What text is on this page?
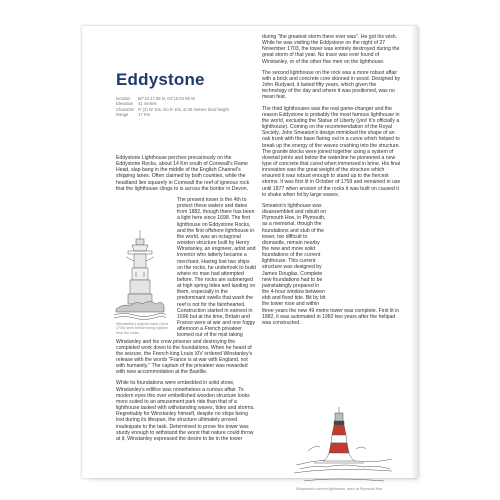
Eddystone
location	50°10.47.88 N, 04°15.53.98 W
Elevation	41 metres
Character Fl (2) W 10s, Iso R 10s, at 28 metres focal height
Range	17 Km

Eddystone Lighthouse perches precariously on the Eddystone Rocks, about 14 Km south of Cornwall's Rame Head, slap bang in the middle of the English Channel's shipping lanes. Often claimed by both counties, while the headland lies squarely in Cornwall the reef of igneous rock that the lighthouse clings to is across the border in Devon.

Winstanley's original tower (circa 1700) seen before being toppled from the rocks
The present tower is the 4th to protect these waters and dates from 1882, though there has been a light here since 1698. The first lighthouse on Eddystone Rocks, and the first offshore lighthouse in the world, was an octagonal wooden structure built by Henry Winstanley, an engineer, artist and inventor who latterly became a merchant. Having lost two ships on the rocks, he undertook to build where no man had attempted before. The rocks are submerged at high spring tides and landing on them, especially in the predominant swells that wash the reef is not for the fainthearted. Construction started in earnest in 1696 but at the time, Britain and France were at war and one foggy afternoon a French privateer loomed out of the mist taking Winstanley and his crew prisoner and destroying the completed work down to the foundations. When he heard of the seizure, the French king Louis XIV ordered Winstanley's release with the words "France is at war with England, not with humanity." The captain of the privateer was rewarded with new accommodation at the Bastille.

While its foundations were embedded in solid stone, Winstanley's edifice was nonetheless a curious affair. To modern eyes this over embellished wooden structure looks more suited to an amusement park ride than that of a lighthouse tasked with withstanding waves, tides and storms. Regrettably for Winstanley himself, despite no ships being lost during its lifespan, the structure ultimately proved inadequate to the task. Determined to prove his tower was sturdy enough to withstand the worst that nature could throw at it, Winstanley expressed the desire to be in the tower

during "the greatest storm there ever was". He got his wish. While he was visiting the Eddystone on the night of 27 November 1703, the tower was entirely destroyed during the great storm of that year. No trace was ever found of Winstanley, or of the other five men on the lighthouse.

The second lighthouse on the rock was a more robust affair with a brick and concrete core skinned in wood. Designed by John Rudyard, it lasted fifty years, which given the technology of the day and where it was positioned, was no mean feat.

The third lighthouses was the real game-changer and the reason Eddystone is probably the most famous lighthouse in the world, excluding the Statue of Liberty (yes! It's officially a lighthouse). Coming on the recommendation of the Royal Society, John Smeaton's design mimicked the shape of an oak trunk with the base flaring out in a curve which helped to break up the energy of the waves crashing into the structure. The granite blocks were joined together using a system of dovetail joints and below the waterline he pioneered a new type of concrete that cured when immersed in brine. His final innovation was the great weight of the structure which ensured it was robust enough to stand up to the fiercest storms. It was first lit in October of 1759 and remained in use until 1877 when erosion of the rocks it was built on caused it to shake when hit by large waves.

Smeaton's lighthouse was disassembled and rebuilt on Plymouth Hoe, in Plymouth, as a memorial, though the foundations and stub of the tower, too difficult to dismantle, remain nearby the new and more solid foundations of the current lighthouse. This current structure was designed by James Douglas. Complete new foundations had to be painstakingly prepared in the 4-hour window between ebb and flood tide. Bit by bit the tower rose and within three years the new 49 metre tower was complete. First lit in 1882, it was automated in 1982 two years after the helipad was constructed.

Eddystone's current lighthouse, seen at Plymouth Hoe
